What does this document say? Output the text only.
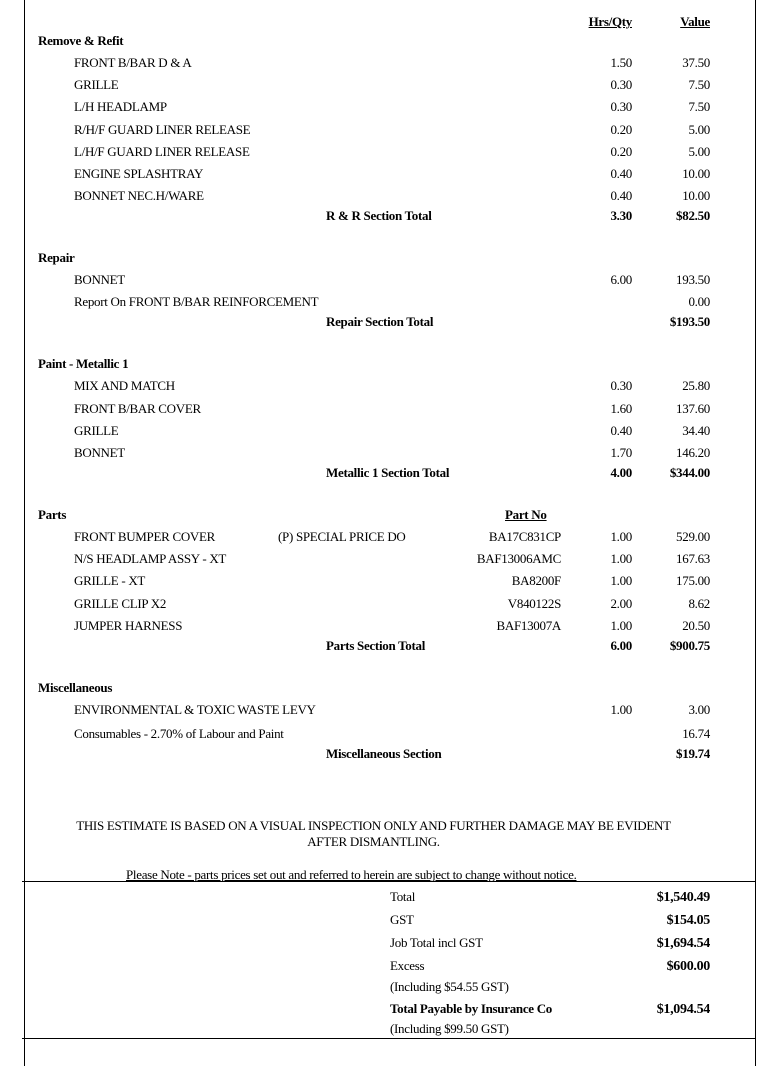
Hrs/Qty	Value
Remove & Refit
FRONT B/BAR D & A	1.50	37.50
GRILLE	0.30	7.50
L/H HEADLAMP	0.30	7.50
R/H/F GUARD LINER RELEASE	0.20	5.00
L/H/F GUARD LINER RELEASE	0.20	5.00
ENGINE SPLASHTRAY	0.40	10.00
BONNET NEC.H/WARE	0.40	10.00
R & R Section Total	3.30	$82.50
Repair
BONNET	6.00	193.50
Report On FRONT B/BAR REINFORCEMENT	0.00
Repair Section Total	$193.50
Paint - Metallic 1
MIX AND MATCH	0.30	25.80
FRONT B/BAR COVER	1.60	137.60
GRILLE	0.40	34.40
BONNET	1.70	146.20
Metallic 1 Section Total	4.00	$344.00
Parts	Part No
FRONT BUMPER COVER	(P) SPECIAL PRICE DO	BA17C831CP	1.00	529.00
N/S HEADLAMP ASSY - XT	BAF13006AMC	1.00	167.63
GRILLE - XT	BA8200F	1.00	175.00
GRILLE CLIP X2	V840122S	2.00	8.62
JUMPER HARNESS	BAF13007A	1.00	20.50
Parts Section Total	6.00	$900.75
Miscellaneous
ENVIRONMENTAL & TOXIC WASTE LEVY	1.00	3.00
Consumables - 2.70% of Labour and Paint	16.74
Miscellaneous Section	$19.74
THIS ESTIMATE IS BASED ON A VISUAL INSPECTION ONLY AND FURTHER DAMAGE MAY BE EVIDENT
AFTER DISMANTLING.
Please Note - parts prices set out and referred to herein are subject to change without notice.
Total	$1,540.49
GST	$154.05
Job Total incl GST	$1,694.54
Excess	$600.00
(Including $54.55 GST)
Total Payable by Insurance Co	$1,094.54
(Including $99.50 GST)
